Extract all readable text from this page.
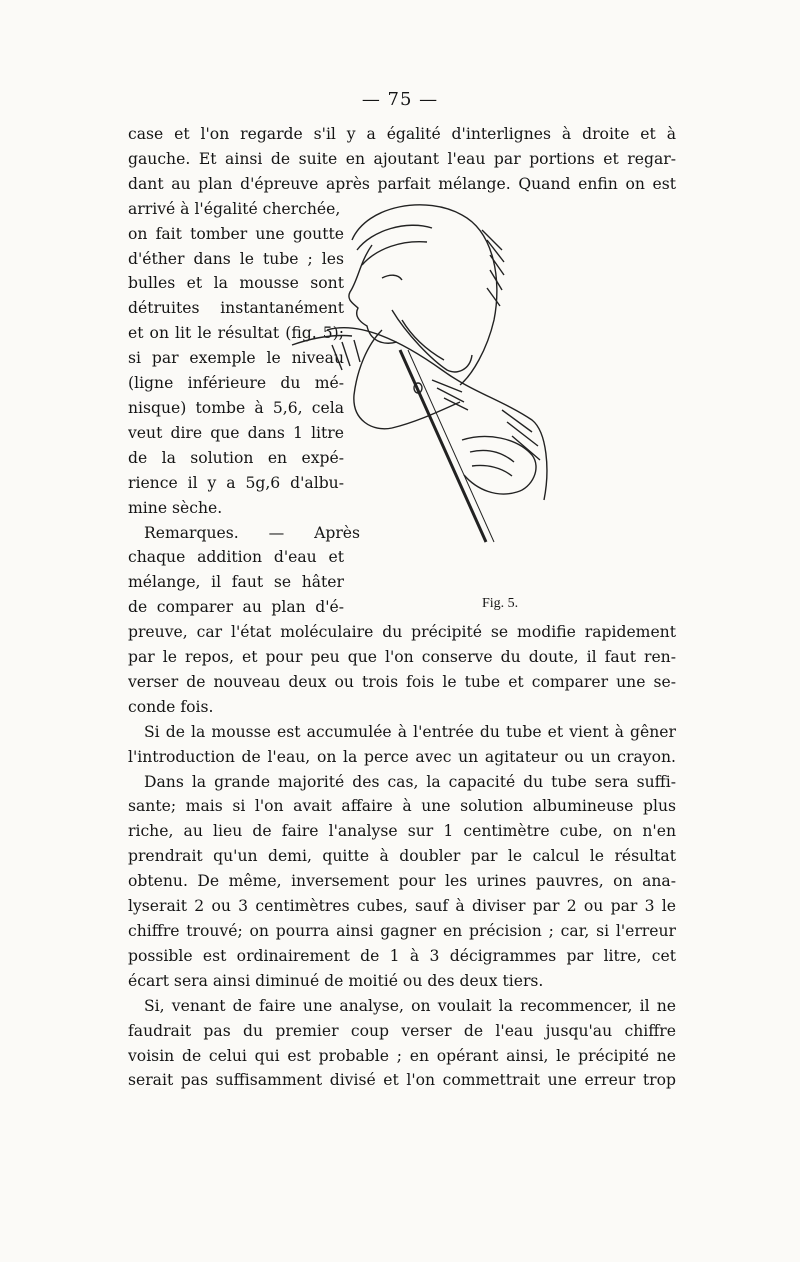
— 75 —
case et l'on regarde s'il y a égalité d'interlignes à droite et à
gauche. Et ainsi de suite en ajoutant l'eau par portions et regar-
dant au plan d'épreuve après parfait mélange. Quand enfin on est
arrivé à l'égalité cherchée,
on fait tomber une goutte
d'éther dans le tube ; les
bulles et la mousse sont
détruites instantanément
et on lit le résultat (fig. 5);
si par exemple le niveau
(ligne inférieure du mé-
nisque) tombe à 5,6, cela
veut dire que dans 1 litre
de la solution en expé-
rience il y a 5g,6 d'albu-
mine sèche.
Remarques. — Après
chaque addition d'eau et
mélange, il faut se hâter
de comparer au plan d'é-
preuve, car l'état moléculaire du précipité se modifie rapidement
par le repos, et pour peu que l'on conserve du doute, il faut ren-
verser de nouveau deux ou trois fois le tube et comparer une se-
conde fois.
Si de la mousse est accumulée à l'entrée du tube et vient à gêner
l'introduction de l'eau, on la perce avec un agitateur ou un crayon.
Dans la grande majorité des cas, la capacité du tube sera suffi-
sante; mais si l'on avait affaire à une solution albumineuse plus
riche, au lieu de faire l'analyse sur 1 centimètre cube, on n'en
prendrait qu'un demi, quitte à doubler par le calcul le résultat
obtenu. De même, inversement pour les urines pauvres, on ana-
lyserait 2 ou 3 centimètres cubes, sauf à diviser par 2 ou par 3 le
chiffre trouvé; on pourra ainsi gagner en précision ; car, si l'erreur
possible est ordinairement de 1 à 3 décigrammes par litre, cet
écart sera ainsi diminué de moitié ou des deux tiers.
Si, venant de faire une analyse, on voulait la recommencer, il ne
faudrait pas du premier coup verser de l'eau jusqu'au chiffre
voisin de celui qui est probable ; en opérant ainsi, le précipité ne
serait pas suffisamment divisé et l'on commettrait une erreur trop
Fig. 5.
